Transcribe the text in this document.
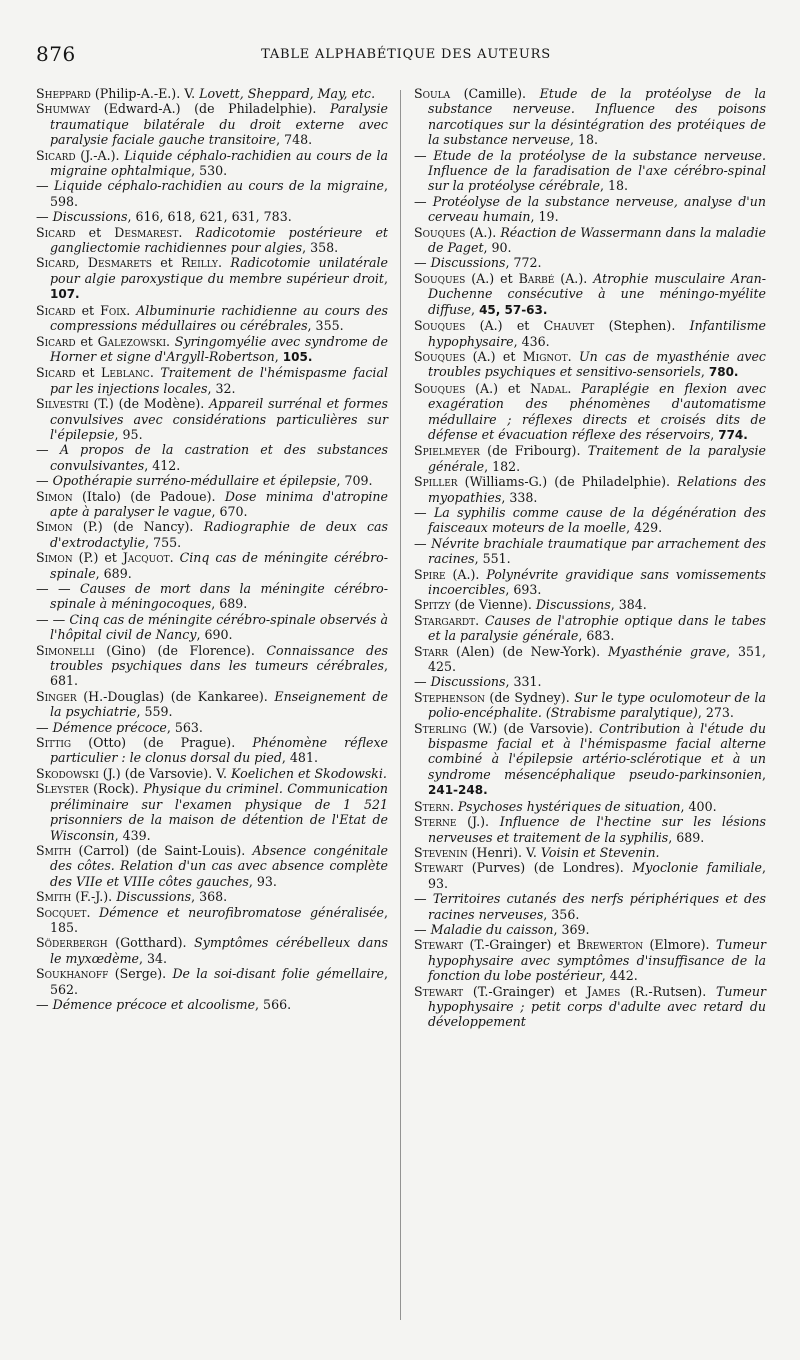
876	TABLE ALPHABÉTIQUE DES AUTEURS
Sheppard (Philip-A.-E.). V. Lovett, Sheppard, May, etc.
Shumway (Edward-A.) (de Philadelphie). Paralysie traumatique bilatérale du droit externe avec paralysie faciale gauche transitoire, 748.
Sicard (J.-A.). Liquide céphalo-rachidien au cours de la migraine ophtalmique, 530.
— Liquide céphalo-rachidien au cours de la migraine, 598.
— Discussions, 616, 618, 621, 631, 783.
Sicard et Desmarest. Radicotomie postérieure et gangliectomie rachidiennes pour algies, 358.
Sicard, Desmarets et Reilly. Radicotomie unilatérale pour algie paroxystique du membre supérieur droit, 107.
Sicard et Foix. Albuminurie rachidienne au cours des compressions médullaires ou cérébrales, 355.
Sicard et Galezowski. Syringomyélie avec syndrome de Horner et signe d'Argyll-Robertson, 105.
Sicard et Leblanc. Traitement de l'hémispasme facial par les injections locales, 32.
Silvestri (T.) (de Modène). Appareil surrénal et formes convulsives avec considérations particulières sur l'épilepsie, 95.
— A propos de la castration et des substances convulsivantes, 412.
— Opothérapie surréno-médullaire et épilepsie, 709.
Simon (Italo) (de Padoue). Dose minima d'atropine apte à paralyser le vague, 670.
Simon (P.) (de Nancy). Radiographie de deux cas d'extrodactylie, 755.
Simon (P.) et Jacquot. Cinq cas de méningite cérébro-spinale, 689.
— — Causes de mort dans la méningite cérébro-spinale à méningocoques, 689.
— — Cinq cas de méningite cérébro-spinale observés à l'hôpital civil de Nancy, 690.
Simonelli (Gino) (de Florence). Connaissance des troubles psychiques dans les tumeurs cérébrales, 681.
Singer (H.-Douglas) (de Kankaree). Enseignement de la psychiatrie, 559.
— Démence précoce, 563.
Sittig (Otto) (de Prague). Phénomène réflexe particulier : le clonus dorsal du pied, 481.
Skodowski (J.) (de Varsovie). V. Koelichen et Skodowski.
Sleyster (Rock). Physique du criminel. Communication préliminaire sur l'examen physique de 1 521 prisonniers de la maison de détention de l'Etat de Wisconsin, 439.
Smith (Carrol) (de Saint-Louis). Absence congénitale des côtes. Relation d'un cas avec absence complète des VIIe et VIIIe côtes gauches, 93.
Smith (F.-J.). Discussions, 368.
Socquet. Démence et neurofibromatose généralisée, 185.
Söderbergh (Gotthard). Symptômes cérébelleux dans le myxœdème, 34.
Soukhanoff (Serge). De la soi-disant folie gémellaire, 562.
— Démence précoce et alcoolisme, 566.
Soula (Camille). Etude de la protéolyse de la substance nerveuse. Influence des poisons narcotiques sur la désintégration des protéiques de la substance nerveuse, 18.
— Etude de la protéolyse de la substance nerveuse. Influence de la faradisation de l'axe cérébro-spinal sur la protéolyse cérébrale, 18.
— Protéolyse de la substance nerveuse, analyse d'un cerveau humain, 19.
Souques (A.). Réaction de Wassermann dans la maladie de Paget, 90.
— Discussions, 772.
Souques (A.) et Barbé (A.). Atrophie musculaire Aran-Duchenne consécutive à une méningo-myélite diffuse, 45, 57-63.
Souques (A.) et Chauvet (Stephen). Infantilisme hypophysaire, 436.
Souques (A.) et Mignot. Un cas de myasthénie avec troubles psychiques et sensitivo-sensoriels, 780.
Souques (A.) et Nadal. Paraplégie en flexion avec exagération des phénomènes d'automatisme médullaire ; réflexes directs et croisés dits de défense et évacuation réflexe des réservoirs, 774.
Spielmeyer (de Fribourg). Traitement de la paralysie générale, 182.
Spiller (Williams-G.) (de Philadelphie). Relations des myopathies, 338.
— La syphilis comme cause de la dégénération des faisceaux moteurs de la moelle, 429.
— Névrite brachiale traumatique par arrachement des racines, 551.
Spire (A.). Polynévrite gravidique sans vomissements incoercibles, 693.
Spitzy (de Vienne). Discussions, 384.
Stargardt. Causes de l'atrophie optique dans le tabes et la paralysie générale, 683.
Starr (Alen) (de New-York). Myasthénie grave, 351, 425.
— Discussions, 331.
Stephenson (de Sydney). Sur le type oculomoteur de la polio-encéphalite. (Strabisme paralytique), 273.
Sterling (W.) (de Varsovie). Contribution à l'étude du bispasme facial et à l'hémispasme facial alterne combiné à l'épilepsie artério-sclérotique et à un syndrome mésencéphalique pseudo-parkinsonien, 241-248.
Stern. Psychoses hystériques de situation, 400.
Sterne (J.). Influence de l'hectine sur les lésions nerveuses et traitement de la syphilis, 689.
Stevenin (Henri). V. Voisin et Stevenin.
Stewart (Purves) (de Londres). Myoclonie familiale, 93.
— Territoires cutanés des nerfs périphériques et des racines nerveuses, 356.
— Maladie du caisson, 369.
Stewart (T.-Grainger) et Brewerton (Elmore). Tumeur hypophysaire avec symptômes d'insuffisance de la fonction du lobe postérieur, 442.
Stewart (T.-Grainger) et James (R.-Rutsen). Tumeur hypophysaire ; petit corps d'adulte avec retard du développement
